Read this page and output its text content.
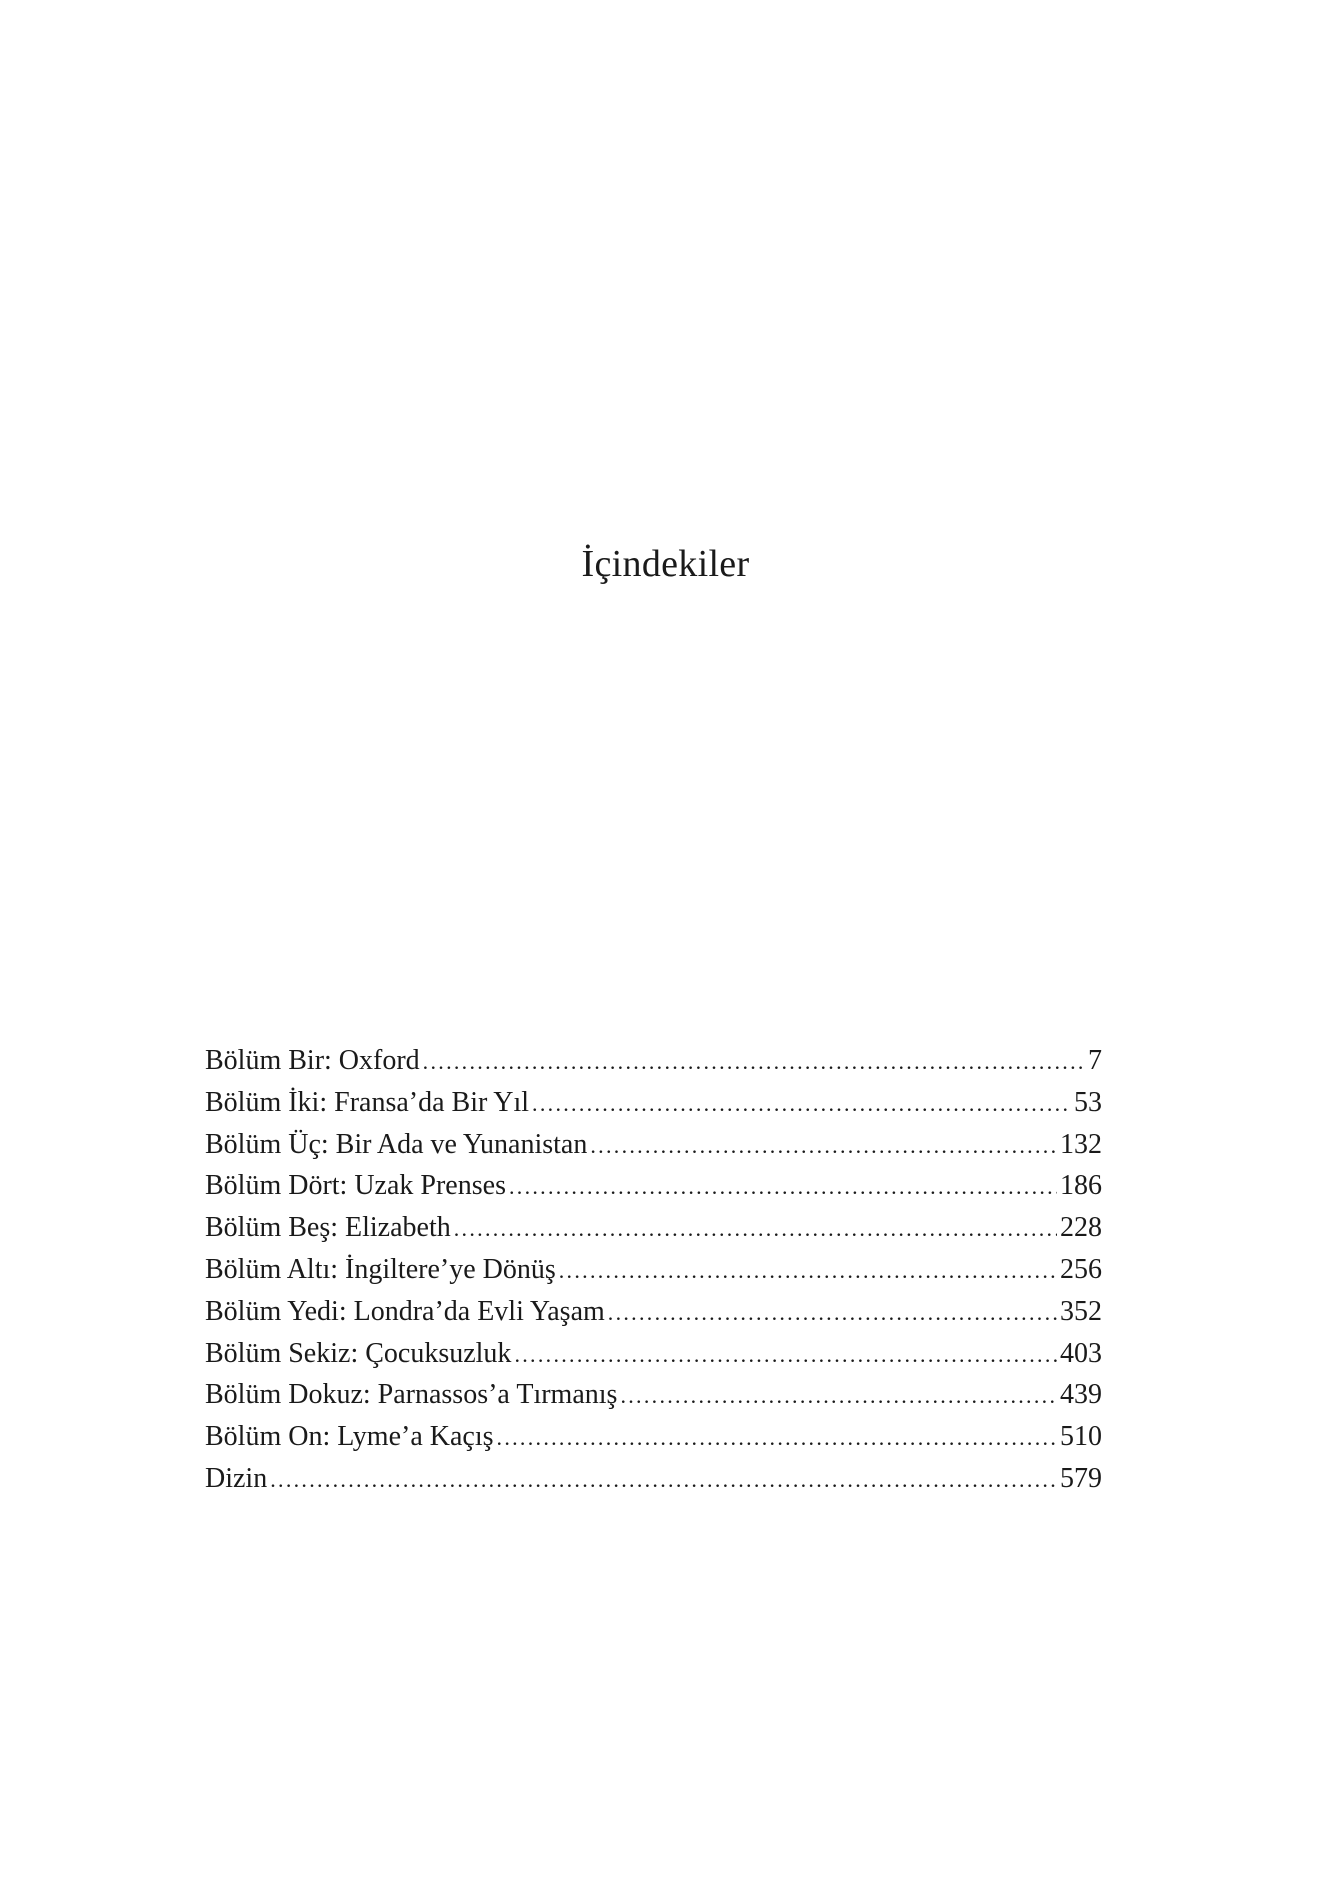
İçindekiler
Bölüm Bir: Oxford . . .	7
Bölüm İki: Fransa’da Bir Yıl . . .	53
Bölüm Üç: Bir Ada ve Yunanistan . . .	132
Bölüm Dört: Uzak Prenses . . .	186
Bölüm Beş: Elizabeth . . .	228
Bölüm Altı: İngiltere’ye Dönüş . . .	256
Bölüm Yedi: Londra’da Evli Yaşam . . .	352
Bölüm Sekiz: Çocuksuzluk . . .	403
Bölüm Dokuz: Parnassos’a Tırmanış . . .	439
Bölüm On: Lyme’a Kaçış . . .	510
Dizin . . .	579
